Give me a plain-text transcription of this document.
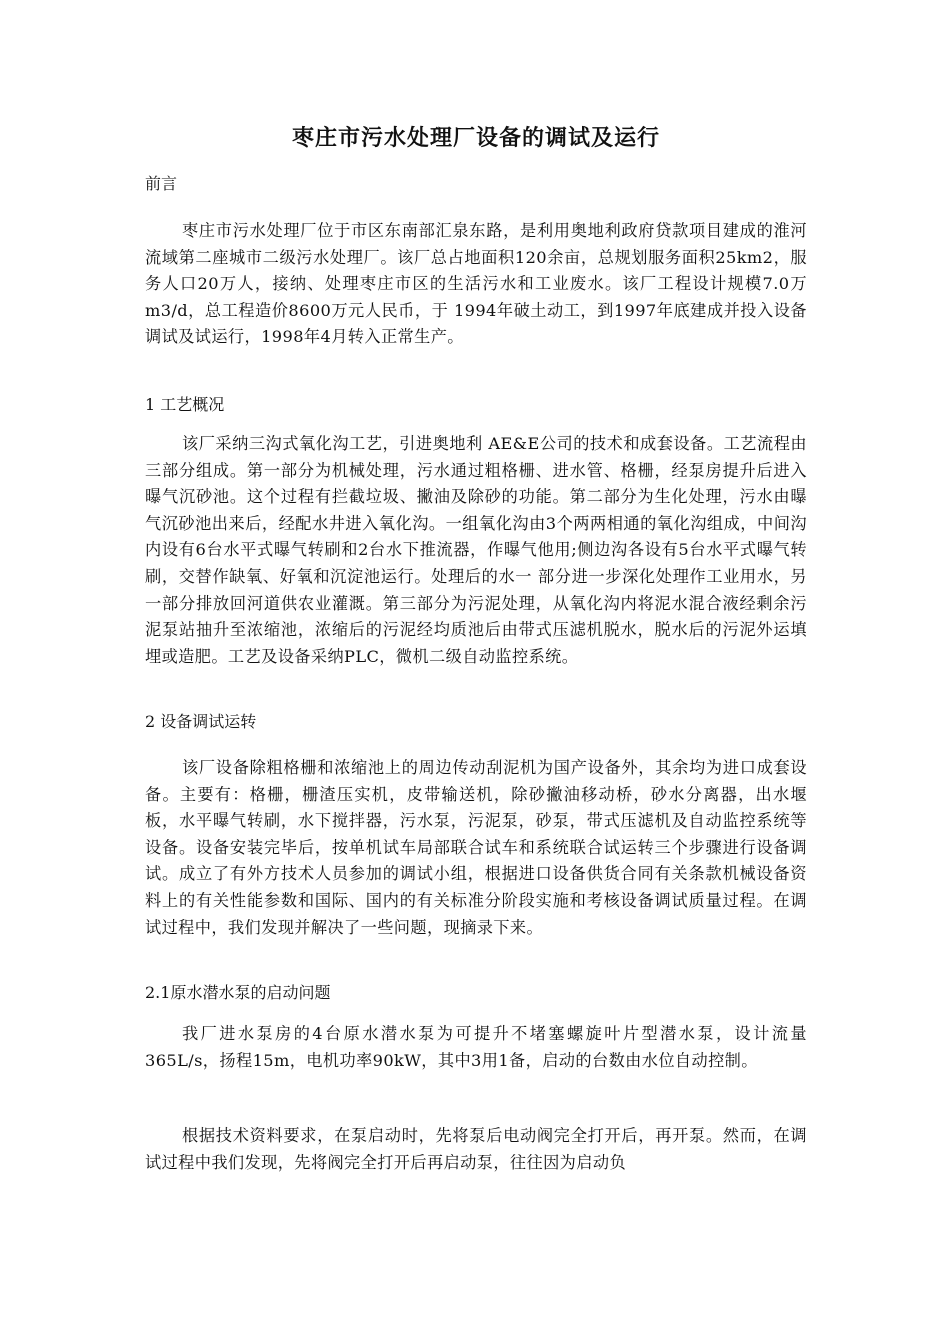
枣庄市污水处理厂设备的调试及运行
前言
枣庄市污水处理厂位于市区东南部汇泉东路，是利用奥地利政府贷款项目建成的淮河流域第二座城市二级污水处理厂。该厂总占地面积120余亩，总规划服务面积25km2，服务人口20万人，接纳、处理枣庄市区的生活污水和工业废水。该厂工程设计规模7.0万m3/d，总工程造价8600万元人民币，于 1994年破土动工，到1997年底建成并投入设备调试及试运行，1998年4月转入正常生产。
1 工艺概况
该厂采纳三沟式氧化沟工艺，引进奥地利 AE&E公司的技术和成套设备。工艺流程由三部分组成。第一部分为机械处理，污水通过粗格栅、进水管、格栅，经泵房提升后进入曝气沉砂池。这个过程有拦截垃圾、撇油及除砂的功能。第二部分为生化处理，污水由曝气沉砂池出来后，经配水井进入氧化沟。一组氧化沟由3个两两相通的氧化沟组成，中间沟内设有6台水平式曝气转刷和2台水下推流器，作曝气他用;侧边沟各设有5台水平式曝气转刷，交替作缺氧、好氧和沉淀池运行。处理后的水一 部分进一步深化处理作工业用水，另一部分排放回河道供农业灌溉。第三部分为污泥处理，从氧化沟内将泥水混合液经剩余污泥泵站抽升至浓缩池，浓缩后的污泥经均质池后由带式压滤机脱水，脱水后的污泥外运填埋或造肥。工艺及设备采纳PLC，微机二级自动监控系统。
2 设备调试运转
该厂设备除粗格栅和浓缩池上的周边传动刮泥机为国产设备外，其余均为进口成套设备。主要有：格栅，栅渣压实机，皮带输送机，除砂撇油移动桥，砂水分离器，出水堰板，水平曝气转刷，水下搅拌器，污水泵，污泥泵，砂泵，带式压滤机及自动监控系统等设备。设备安装完毕后，按单机试车局部联合试车和系统联合试运转三个步骤进行设备调试。成立了有外方技术人员参加的调试小组，根据进口设备供货合同有关条款机械设备资料上的有关性能参数和国际、国内的有关标准分阶段实施和考核设备调试质量过程。在调试过程中，我们发现并解决了一些问题，现摘录下来。
2.1原水潜水泵的启动问题
我厂进水泵房的4台原水潜水泵为可提升不堵塞螺旋叶片型潜水泵，设计流量365L/s，扬程15m，电机功率90kW，其中3用1备，启动的台数由水位自动控制。
根据技术资料要求，在泵启动时，先将泵后电动阀完全打开后，再开泵。然而，在调试过程中我们发现，先将阀完全打开后再启动泵，往往因为启动负
